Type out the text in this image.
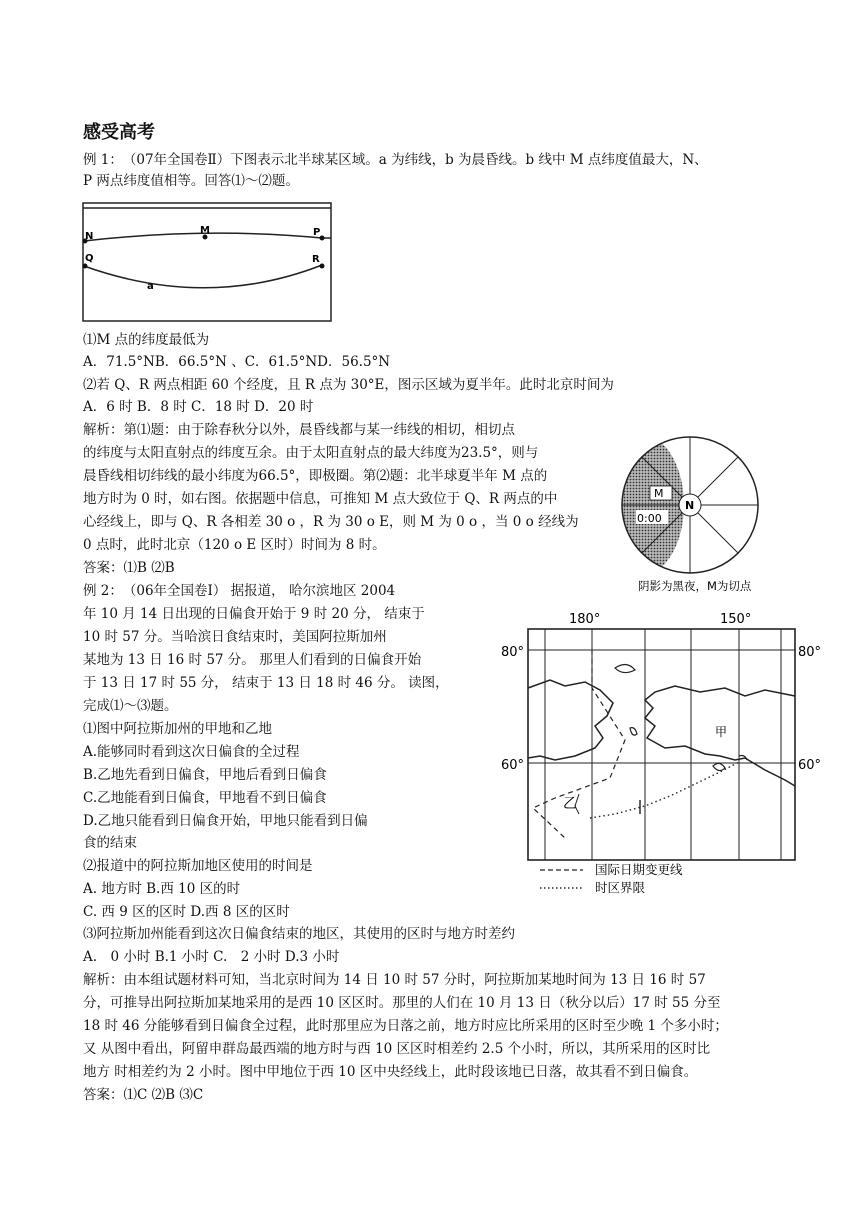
感受高考
例 1：　（07年全国卷Ⅱ）下图表示北半球某区域。a 为纬线，b 为晨昏线。b 线中 M 点纬度值最大，N、
P 两点纬度值相等。回答⑴～⑵题。
N
M	P
Q	R
a
⑴M 点的纬度最低为
A．71.5°NB．66.5°N 、C．61.5°ND．56.5°N
⑵若 Q、R 两点相距 60 个经度，且 R 点为 30°E，图示区域为夏半年。此时北京时间为
A．6 时 B．8 时 C．18 时 D．20 时
解析：第⑴题：由于除春秋分以外，晨昏线都与某一纬线的相切，相切点
的纬度与太阳直射点的纬度互余。由于太阳直射点的最大纬度为23.5°，则与
晨昏线相切纬线的最小纬度为66.5°，即极圈。第⑵题：北半球夏半年 M 点的
地方时为 0 时，如右图。依据题中信息，可推知 M 点大致位于 Q、R 两点的中
心经线上，即与 Q、R 各相差 30 o ，R 为 30 o E，则 M 为 0 o ，当 0 o 经线为
0 点时，此时北京（120 o E 区时）时间为 8 时。
答案：⑴B ⑵B
M
N
0:00
阴影为黑夜，M为切点
例 2：　（06年全国卷Ⅰ） 据报道， 哈尔滨地区 2004
年 10 月 14 日出现的日偏食开始于 9 时 20 分， 结束于
10 时 57 分。当哈滨日食结束时，美国阿拉斯加州
某地为 13 日 16 时 57 分。 那里人们看到的日偏食开始
于 13 日 17 时 55 分， 结束于 13 日 18 时 46 分。 读图，
完成⑴～⑶题。
⑴图中阿拉斯加州的甲地和乙地
A.能够同时看到这次日偏食的全过程
B.乙地先看到日偏食，甲地后看到日偏食
C.乙地能看到日偏食，甲地看不到日偏食
D.乙地只能看到日偏食开始，甲地只能看到日偏
食的结束
⑵报道中的阿拉斯加地区使用的时间是
A. 地方时 B.西 10 区的时
C. 西 9 区的区时 D.西 8 区的区时
⑶阿拉斯加州能看到这次日偏食结束的地区，其使用的区时与地方时差约
A.　0 小时 B.1 小时 C.　2 小时 D.3 小时
解析：由本组试题材料可知，当北京时间为 14 日 10 时 57 分时，阿拉斯加某地时间为 13 日 16 时 57
分，可推导出阿拉斯加某地采用的是西 10 区区时。那里的人们在 10 月 13 日（秋分以后）17 时 55 分至
18 时 46 分能够看到日偏食全过程，此时那里应为日落之前，地方时应比所采用的区时至少晚 1 个多小时；
又 从图中看出，阿留申群岛最西端的地方时与西 10 区区时相差约 2.5 个小时，所以，其所采用的区时比
地方 时相差约为 2 小时。图中甲地位于西 10 区中央经线上，此时段该地已日落，故其看不到日偏食。
答案：⑴C ⑵B ⑶C
180°	150°
80°	80°
60°	60°
甲
乙
国际日期变更线
时区界限
